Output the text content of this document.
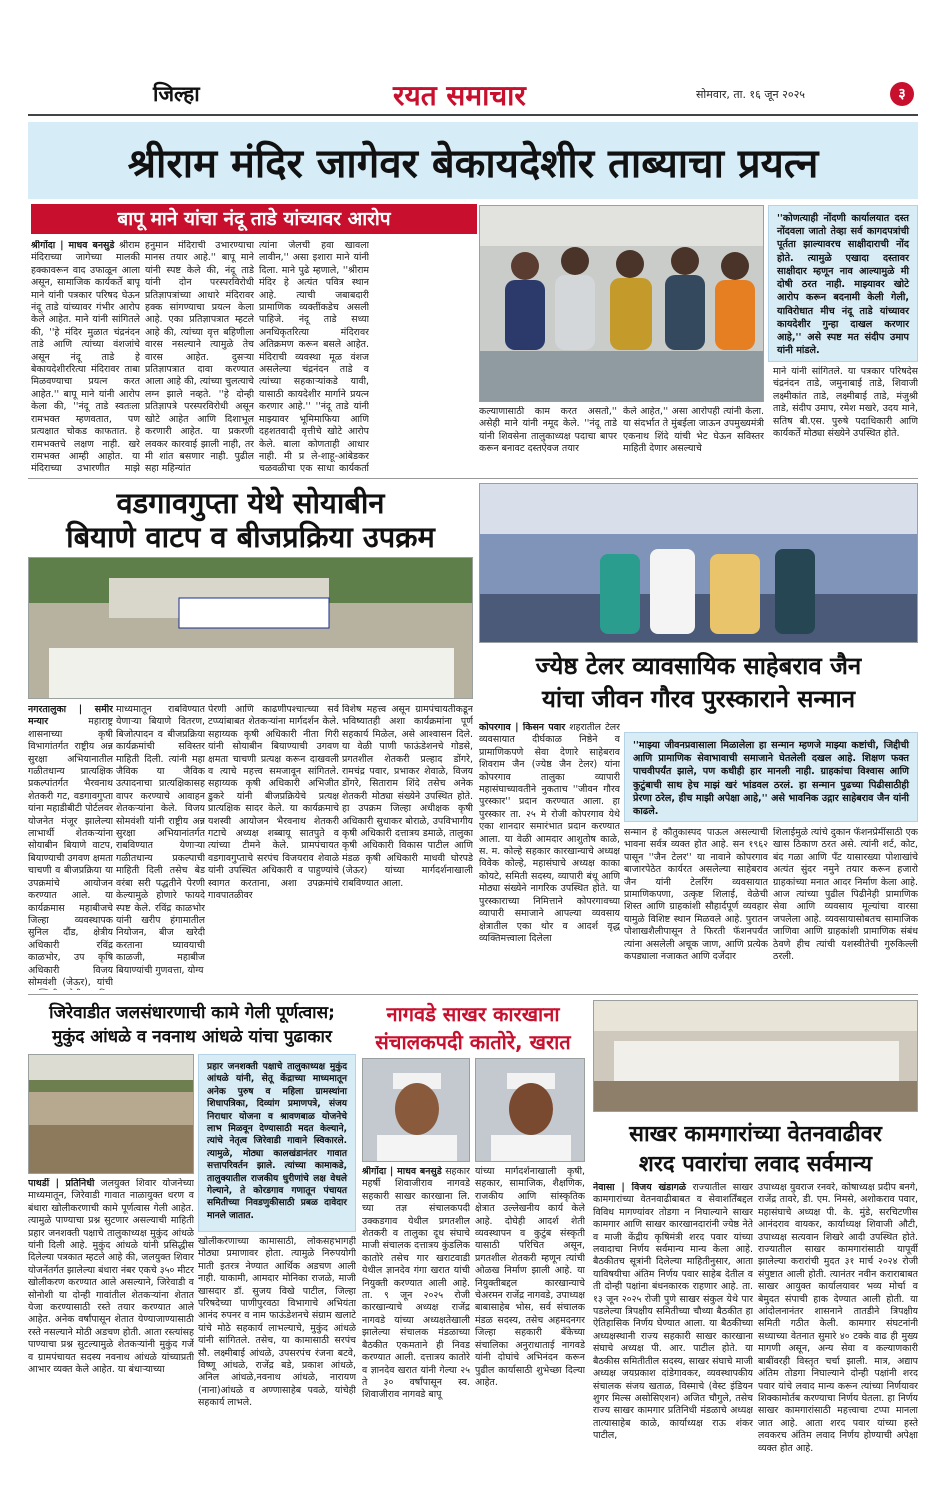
जिल्हा	रयत समाचार	सोमवार, ता. १६ जून २०२५	३
श्रीराम मंदिर जागेवर बेकायदेशीर ताब्याचा प्रयत्न
बापू माने यांचा नंदू ताडे यांच्यावर आरोप
श्रीगोंदा | माधव बनसुडे श्रीराम मंदिराच्या जागेच्या मालकी हक्कावरून वाद उफाळून आला असून, सामाजिक कार्यकर्ते बापू माने यांनी पत्रकार परिषद घेऊन नंदू ताडे यांच्यावर गंभीर आरोप केले आहेत. माने यांनी सांगितले की, ''हे मंदिर मुळात चंद्रनंदन ताडे आणि त्यांच्या वंशजांचे असून नंदू ताडे हे बेकायदेशीररित्या मंदिरावर ताबा मिळवण्याचा प्रयत्न करत आहेत.'' बापू माने यांनी आरोप केला की, ''नंदू ताडे स्वतःला रामभक्त म्हणवतात, पण प्रत्यक्षात चोकड काफतात. हे रामभक्तचे लक्षण नाही. खरे रामभक्त आम्ही आहोत. या मंदिराच्या उभारणीत माझे
हनुमान मंदिराची उभारण्याचा मानस तयार आहे.'' बापू माने यांनी स्पष्ट केले की, नंदू ताडे यांनी दोन परस्परविरोधी प्रतिज्ञापत्रांच्या आधारे मंदिरावर हक्क सांगण्याचा प्रयत्न केला आहे. एका प्रतिज्ञापत्रात म्हटले आहे की, त्यांच्या वृत्त बहिणीला वारस नसल्याने त्यामुळे तेच वारस आहेत. दुसऱ्या प्रतिज्ञापत्रात दावा करण्यात आला आहे की, त्यांच्या चुलत्याचे लग्न झाले नव्हते. ''हे दोन्ही प्रतिज्ञापत्रे परस्परविरोधी असून खोटे आहेत आणि दिशाभूल करणारी आहेत. या प्रकरणी लवकर कारवाई झाली नाही, तर मी शांत बसणार नाही. पुढील सहा महिन्यांत
त्यांना जेलची हवा खावला लावीन,'' असा इशारा माने यांनी दिला. माने पुढे म्हणाले, ''श्रीराम मंदिर हे अत्यंत पवित्र स्थान आहे. त्याची जबाबदारी प्रामाणिक व्यक्तींकडेच असली पाहिजे. नंदू ताडे सध्या अनधिकृतरित्या मंदिरावर अतिक्रमण करून बसले आहेत. मंदिराची व्यवस्था मूळ वंशज असलेल्या चंद्रनंदन ताडे व त्यांच्या सहकाऱ्यांकडे यावी, यासाठी कायदेशीर मार्गाने प्रयत्न करणार आहे.'' ''नंदू ताडे यांनी माझ्यावर भूमिमाफिया आणि दहशतवादी वृत्तीचे खोटे आरोप केले. बाला कोणताही आधार नाही. मी प्र ले-शाहू-आंबेडकर चळवळीचा एक साधा कार्यकर्ता
''कोणत्याही नोंदणी कार्यालयात दस्त नोंदवला जातो तेव्हा सर्व कागदपत्रांची पूर्तता झाल्यावरच साक्षीदाराची नोंद होते. त्यामुळे एखादा दस्तावर साक्षीदार म्हणून नाव आल्यामुळे मी दोषी ठरत नाही. माझ्यावर खोटे आरोप करून बदनामी केली गेली, याविरोधात मीच नंदू ताडे यांच्यावर कायदेशीर गुन्हा दाखल करणार आहे,'' असे स्पष्ट मत संदीप उमाप यांनी मांडले.
माने यांनी सांगितले. या पत्रकार परिषदेस चंद्रनंदन ताडे, जमुनाबाई ताडे, शिवाजी लक्ष्मीकांत ताडे, लक्ष्मीबाई ताडे, मंजुश्री ताडे, संदीप उमाप, रमेश मखरे, उदय माने, सतिष बी.एस. पुरुषे पदाधिकारी आणि कार्यकर्ते मोठ्या संख्येने उपस्थित होते.
कल्याणासाठी काम करत असतो,'' असेही माने यांनी नमूद केले. ''नंदू ताडे यांनी शिवसेना तालुकाध्यक्ष पदाचा बापर करून बनावट दस्तऐवज तयार
केले आहेत,'' असा आरोपही त्यांनी केला. या संदर्भात ते मुंबईला जाऊन उपमुख्यमंत्री एकनाथ शिंदे यांची भेट घेऊन सविस्तर माहिती देणार असल्याचे
वडगावगुप्ता येथे सोयाबीन
बियाणे वाटप व बीजप्रक्रिया उपक्रम
नगरतालुका | समीर मन्यार	महाराष्ट्र शासनाच्या कृषी विभागांतर्गत राष्ट्रीय अन्न सुरक्षा अभियानातील गळीतधान्य प्रात्यक्षिक प्रकल्पांतर्गत भैरवनाथ शेतकरी गट, वडगावगुप्ता यांना महाडीबीटी पोर्टलवर योजनेत मंजूर झालेल्या लाभार्थी शेतकऱ्यांना सोयाबीन बियाणे वाटप, बियाण्याची उगवण क्षमता चाचणी व बीजप्रक्रिया या उपक्रमांचे आयोजन करण्यात आले. या कार्यक्रमास महाबीजचे जिल्हा व्यवस्थापक सुनिल दौंड, क्षेत्रीय अधिकारी रविंद्र काळभोर, उप कृषि अधिकारी विजय सोमवंशी (जेऊर), यांची
माध्यमातून राबविण्यात येणाऱ्या बियाणे वितरण, बिजोत्पादन व बीजप्रक्रिया कार्यक्रमांची सविस्तर माहिती दिली. त्यांनी महा जैविक या जैविक उत्पादनाचा प्रात्यक्षिकासह वापर करण्याचे आवाहन शेतकऱ्यांना केले. विजय सोमवंशी यांनी राष्ट्रीय अन्न सुरक्षा अभियानांतर्गत राबविण्यात येणाऱ्या गळीतधान्य प्रकल्पाची माहिती दिली तसेच बेड वरंबा सरी पद्धतीने पेरणी केल्यामुळे होणारे फायदे स्पष्ट केले. रविंद्र काळभोर यांनी खरीप हंगामातील नियोजन, बीज खरेदी करताना घ्यावयाची काळजी, महाबीज बियाण्यांची गुणवत्ता, योग्य
पेरणी आणि काढणीपश्चात्च्या सर्व टप्प्यांबाबत शेतकऱ्यांना मार्गदर्शन केले. सहाय्यक कृषी अधिकारी नीता गिरी यांनी सोयाबीन बियाण्याची उगवण क्षमता चाचणी प्रत्यक्ष करून दाखवली व त्याचे महत्त्व समजावून सांगितले. सहाय्यक कृषी अधिकारी अभिजीत डुकरे यांनी बीजप्रक्रियेचे प्रत्यक्ष प्रात्यक्षिक सादर केले. या कार्यक्रमाचे यशस्वी आयोजन भैरवनाथ शेतकरी गटाचे अध्यक्ष शब्बायू सातपुते व त्यांच्या टीमने केले. प्रामपंचायत वडगावगुप्ताचे सरपंच विजयराव शेवाळे यांनी उपस्थित अधिकारी व पाहुण्यांचे स्वागत करताना, अशा उपक्रमांचे गावपातळीवर
विशेष महत्त्व असून ग्रामपंचायतीकडून भविष्यातही अशा कार्यक्रमांना पूर्ण सहकार्य मिळेल, असे आश्वासन दिले. या वेळी पाणी फाऊंडेशनचे गोडसे, प्रगतशील शेतकरी प्रल्हाद डोंगरे, रामचंद्र पवार, प्रभाकर शेवाळे, विजय डोंगरे, सिताराम शिंदे तसेच अनेक शेतकरी मोठ्या संख्येने उपस्थित होते. हा उपक्रम जिल्हा अधीक्षक कृषी अधिकारी सुधाकर बोराळे, उपविभागीय कृषी अधिकारी दत्तात्रय डमाळे, तालुका कृषी अधिकारी विकास पाटील आणि मंडळ कृषी अधिकारी माधवी घोरपडे (जेऊर) यांच्या मार्गदर्शनाखाली राबविण्यात आला.
ज्येष्ठ टेलर व्यावसायिक साहेबराव जैन
यांचा जीवन गौरव पुरस्काराने सन्मान
कोपरगाव | किसन पवार शहरातील टेलर व्यवसायात दीर्घकाळ निष्ठेने व प्रामाणिकपणे सेवा देणारे साहेबराव शिवराम जैन (ज्येष्ठ जैन टेलर) यांना कोपरगाव तालुका व्यापारी महासंघाच्यावतीने नुकताच ''जीवन गौरव पुरस्कार'' प्रदान करण्यात आला. हा पुरस्कार ता. २५ मे रोजी कोपरगाव येथे एका शानदार समारंभात प्रदान करण्यात आला. या वेळी आमदार आशुतोष काळे, स. म. कोल्हे सहकार कारखान्याचे अध्यक्ष विवेक कोल्हे, महासंघाचे अध्यक्ष काका कोयटे, समिती सदस्य, व्यापारी बंधू आणि मोठ्या संख्येने नागरिक उपस्थित होते. या पुरस्काराच्या निमित्ताने कोपरगावच्या व्यापारी समाजाने आपल्या व्यवसाय क्षेत्रातील एका थोर व आदर्श वृद्ध व्यक्तिमत्त्वाला दिलेला
''माझ्या जीवनप्रवासाला मिळालेला हा सन्मान म्हणजे माझ्या कष्टांची, जिद्दीची आणि प्रामाणिक सेवाभावाची समाजाने घेतलेली दखल आहे. शिक्षण फक्त पाचवीपर्यंत झाले, पण कधीही हार मानली नाही. ग्राहकांचा विश्वास आणि कुटुंबाची साथ हेच माझं खरं भांडवल ठरलं. हा सन्मान पुढच्या पिढीसाठीही प्रेरणा ठरेल, हीच माझी अपेक्षा आहे,'' असे भावनिक उद्गार साहेबराव जैन यांनी काढले.
सन्मान हे कौतुकास्पद पाऊल असल्याची भावना सर्वत्र व्यक्त होत आहे. सन १९६२ पासून ''जैन टेलर'' या नावाने कोपरगाव बाजारपेठेत कार्यरत असलेल्या साहेबराव जैन यांनी टेलरिंग व्यवसायात प्रामाणिकपणा, उत्कृष्ट शिलाई, वेळेची शिस्त आणि ग्राहकांशी सौहार्दपूर्ण व्यवहार यामुळे विशिष्ट स्थान मिळवले आहे. पुरातन पोशाखशैलीपासून ते फिरती फॅशनपर्यंत त्यांना असलेली अचूक जाण, आणि प्रत्येक कपड्याला नजाकत आणि दर्जेदार
शिलाईमुळे त्यांचे दुकान फॅशनप्रेमींसाठी एक खास ठिकाण ठरत असे. त्यांनी शर्ट, कोट, बंद गळा आणि पँट यासारख्या पोशाखांचे अत्यंत सुंदर नमुने तयार करून हजारो ग्राहकांच्या मनात आदर निर्माण केला आहे. आज त्यांच्या पुढील पिढीनेही प्रामाणिक सेवा आणि व्यवसाय मूल्यांचा वारसा जपलेला आहे. व्यवसायासोबतच सामाजिक जाणिवा आणि ग्राहकांशी प्रामाणिक संबंध ठेवणे हीच त्यांची यशस्वीतेची गुरुकिल्ली ठरली.
जिरेवाडीत जलसंधारणाची कामे गेली पूर्णत्वास;
मुकुंद आंधळे व नवनाथ आंधळे यांचा पुढाकार
प्रहार जनशक्ती पक्षाचे तालुकाध्यक्ष मुकुंद आंधळे यांनी, सेतू केंद्राच्या माध्यमातून अनेक पुरुष व महिला ग्रामस्थांना शिधापत्रिका, दिव्यांग प्रमाणपत्रे, संजय निराधार योजना व श्रावणबाळ योजनेचे लाभ मिळवून देण्यासाठी मदत केल्याने, त्यांचे नेतृत्व जिरेवाडी गावाने स्विकारले. त्यामुळे, मोठ्या कालखंडानंतर गावात सत्तापरिवर्तन झाले. त्यांच्या कामाकडे, तालुक्यातील राजकीय धुरीणांचे लक्ष वेधले गेल्याने, ते कोरडगाव गणातून पंचायत समितीच्या निवडणुकीसाठी प्रबळ दावेदार मानले जातात.
पाथर्डी | प्रतिनिधी जलयुक्त शिवार योजनेच्या माध्यमातून, जिरेवाडी गावात नाळायुक्त धरण व बंधारा खोलीकरणाची कामे पूर्णत्वास गेली आहेत. त्यामुळे पाण्याचा प्रश्न सुटणार असल्याची माहिती प्रहार जनशक्ती पक्षाचे तालुकाध्यक्ष मुकुंद आंधळे यांनी दिली आहे. मुकुंद आंधळे यांनी प्रसिद्धीस दिलेल्या पत्रकात म्हटले आहे की, जलयुक्त शिवार योजनेंतर्गत झालेल्या बंधारा नंबर एकचे ३५० मीटर खोलीकरण करण्यात आले असल्याने, जिरेवाडी व सोनोशी या दोन्ही गावांतील शेतकऱ्यांना शेतात येजा करण्यासाठी रस्ते तयार करण्यात आले आहेत. अनेक वर्षांपासून शेतात येण्याजाण्यासाठी रस्ते नसल्याने मोठी अडचण होती. आता रस्त्यांसह पाण्याचा प्रश्न सुटल्यामुळे शेतकऱ्यांनी मुकुंद गर्जे व ग्रामपंचायत सदस्य नवनाथ आंधळे यांच्याप्रती आभार व्यक्त केले आहेत. या बंधाऱ्याच्या
खोलीकरणाच्या कामासाठी, लोकसहभागही मोठ्या प्रमाणावर होता. त्यामुळे निरुपयोगी माती इतरत्र नेण्यात आर्थिक अडचण आली नाही. याकामी, आमदार मोनिका राजळे, माजी खासदार डॉ. सुजय विखे पाटील, जिल्हा परिषदेच्या पाणीपुरवठा विभागाचे अभियंता आनंद रुपनर व नाम फाऊंडेशनचे संग्राम खलाटे यांचे मोठे सहकार्य लाभल्याचे, मुकुंद आंधळे यांनी सांगितले. तसेच, या कामासाठी सरपंच सौ. लक्ष्मीबाई आंधळे, उपसरपंच रंजना बटवे, विष्णू आंधळे, राजेंद्र बडे, प्रकाश आंधळे, अनिल आंधळे,नवनाथ आंधळे, नारायण (नाना)आंधळे व अण्णासाहेब पवळे, यांचेही सहकार्य लाभले.
नागवडे साखर कारखाना
संचालकपदी कातोरे, खरात
श्रीगोंदा | माधव बनसुडे सहकार महर्षी शिवाजीराव नागवडे सहकारी साखर कारखाना लि. च्या तज्ञ संचालकपदी उक्कडगाव येथील प्रगतशील शेतकरी व तालुका दूध संघाचे माजी संचालक दत्तात्रय कुंडलिक कातोरे तसेच गार खराटवाडी येथील ज्ञानदेव गंगा खरात यांची नियुक्ती करण्यात आली आहे. ता. ९ जून २०२५ रोजी कारखान्याचे अध्यक्ष राजेंद्र नागवडे यांच्या अध्यक्षतेखाली झालेल्या संचालक मंडळाच्या बैठकीत एकमताने ही निवड करण्यात आली. दत्तात्रय कातोरे व ज्ञानदेव खरात यांनी गेल्या २५ ते ३० वर्षांपासून स्व. शिवाजीराव नागवडे बापू
यांच्या मार्गदर्शनाखाली कृषी, सहकार, सामाजिक, शैक्षणिक, राजकीय आणि सांस्कृतिक क्षेत्रात उल्लेखनीय कार्य केले आहे. दोघेही आदर्श शेती व्यवस्थापन व कुटुंब संस्कृती यासाठी परिचित असून, प्रगतशील शेतकरी म्हणून त्यांची ओळख निर्माण झाली आहे. या नियुक्तीबद्दल कारखान्याचे चेअरमन राजेंद्र नागवडे, उपाध्यक्ष बाबासाहेब भोस, सर्व संचालक मंडळ सदस्य, तसेच अहमदनगर जिल्हा सहकारी बँकेच्या संचालिका अनुराधाताई नागवडे यांनी दोघांचे अभिनंदन करून पुढील कार्यासाठी शुभेच्छा दिल्या आहेत.
साखर कामगारांच्या वेतनवाढीवर
शरद पवारांचा लवाद सर्वमान्य
नेवासा | विजय खंडागळे राज्यातील साखर कामगारांच्या वेतनवाढीबाबत व सेवाशर्तिंबद्दल विविध मागण्यांवर तोडगा न निघाल्याने साखर कामगार आणि साखर कारखानदारांनी ज्येष्ठ नेते व माजी केंद्रीय कृषिमंत्री शरद पवार यांच्या लवादाचा निर्णय सर्वमान्य मान्य केला आहे. बैठकीतच सूत्रांनी दिलेल्या माहितीनुसार, आता याविषयीचा अंतिम निर्णय पवार साहेब देतील व ती दोन्ही पक्षांना बंधनकारक राहणार आहे. ता. १३ जून २०२५ रोजी पुणे साखर संकुल येथे पार पडलेल्या त्रिपक्षीय समितीच्या चौथ्या बैठकीत हा ऐतिहासिक निर्णय घेण्यात आला. या बैठकीच्या अध्यक्षस्थानी राज्य सहकारी साखर कारखाना संघाचे अध्यक्ष पी. आर. पाटील होते. या बैठकीस समितीतील सदस्य, साखर संघाचे माजी अध्यक्ष जयप्रकाश दांडेगावकर, व्यवस्थापकीय संचालक संजय खताळ, विस्माचे (वेस्ट इंडियन शुगर मिल्स असोसिएशन) अजित चौगुले, तसेच राज्य साखर कामगार प्रतिनिधी मंडळाचे अध्यक्ष तात्यासाहेब काळे, कार्याध्यक्ष राऊ शंकर पाटील,
उपाध्यक्ष युवराज रनवरे, कोषाध्यक्ष प्रदीप बनगे, राजेंद्र तावरे, डी. एम. निमसे, अशोकराव पवार, महासंघाचे अध्यक्ष पी. के. मुंडे, सरचिटणीस आनंदराव वायकर, कार्याध्यक्ष शिवाजी औटी, उपाध्यक्ष सत्यवान शिखरे आदी उपस्थित होते. राज्यातील साखर कामगारांसाठी यापूर्वी झालेल्या करारांची मुदत ३१ मार्च २०२४ रोजी संपुष्टात आली होती. त्यानंतर नवीन कराराबाबत साखर आयुक्त कार्यालयावर भव्य मोर्चा व बेमुदत संपाची हाक देण्यात आली होती. या आंदोलनानंतर शासनाने तातडीने त्रिपक्षीय समिती गठीत केली. कामगार संघटनांनी सध्याच्या वेतनात सुमारे ४० टक्के वाढ ही मुख्य मागणी असून, अन्य सेवा व कल्याणकारी बाबींवरही विस्तृत चर्चा झाली. मात्र, अद्याप अंतिम तोडगा निघाल्याने दोन्ही पक्षांनी शरद पवार यांचे लवाद मान्य करून त्यांच्या निर्णयावर शिक्कामोर्तब करण्याचा निर्णय घेतला. हा निर्णय साखर कामगारांसाठी महत्त्वाचा टप्पा मानला जात आहे. आता शरद पवार यांच्या हस्ते लवकरच अंतिम लवाद निर्णय होण्याची अपेक्षा व्यक्त होत आहे.
